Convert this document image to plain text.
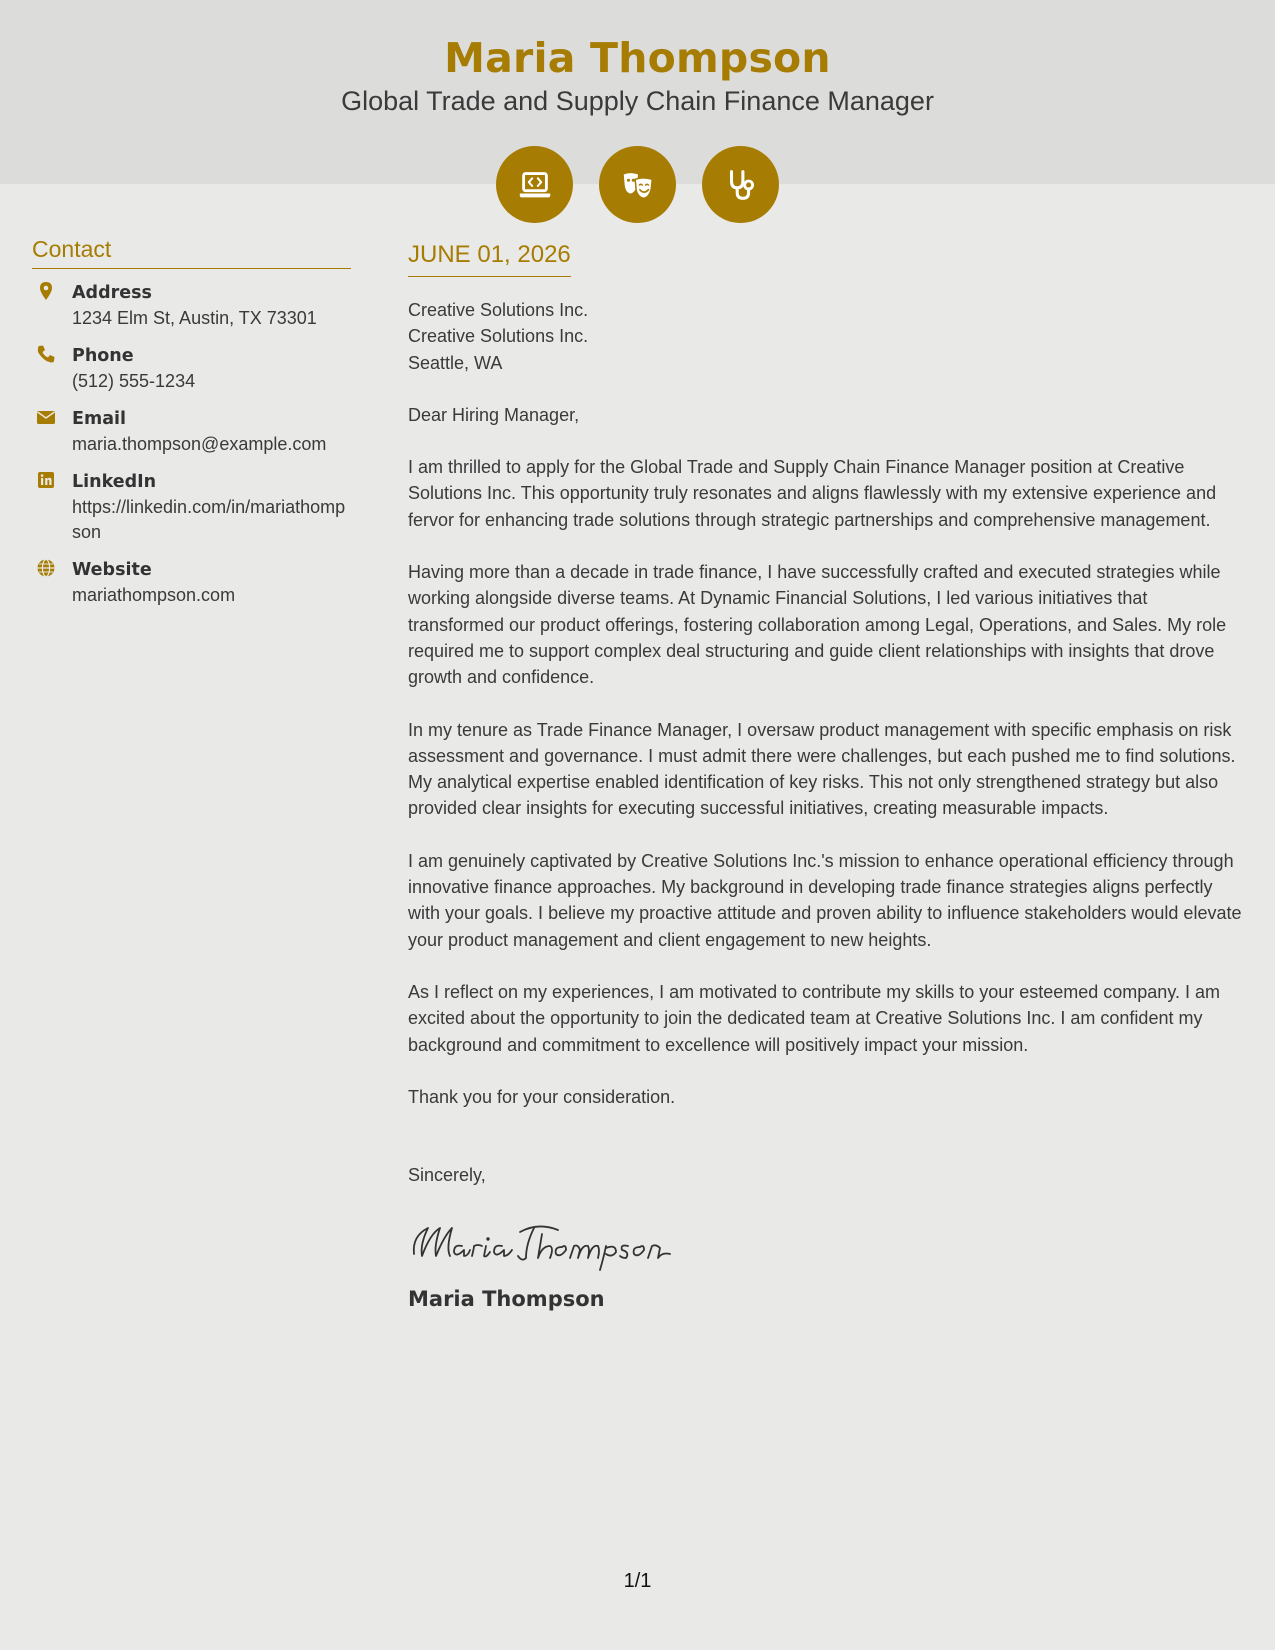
Maria Thompson
Global Trade and Supply Chain Finance Manager
Contact
Address
1234 Elm St, Austin, TX 73301
Phone
(512) 555-1234
Email
maria.thompson@example.com
LinkedIn
https://linkedin.com/in/mariathompson
Website
mariathompson.com
JUNE 01, 2026
Creative Solutions Inc.
Creative Solutions Inc.
Seattle, WA

Dear Hiring Manager,

I am thrilled to apply for the Global Trade and Supply Chain Finance Manager position at Creative Solutions Inc. This opportunity truly resonates and aligns flawlessly with my extensive experience and fervor for enhancing trade solutions through strategic partnerships and comprehensive management.

Having more than a decade in trade finance, I have successfully crafted and executed strategies while working alongside diverse teams. At Dynamic Financial Solutions, I led various initiatives that transformed our product offerings, fostering collaboration among Legal, Operations, and Sales. My role required me to support complex deal structuring and guide client relationships with insights that drove growth and confidence.

In my tenure as Trade Finance Manager, I oversaw product management with specific emphasis on risk assessment and governance. I must admit there were challenges, but each pushed me to find solutions. My analytical expertise enabled identification of key risks. This not only strengthened strategy but also provided clear insights for executing successful initiatives, creating measurable impacts.

I am genuinely captivated by Creative Solutions Inc.'s mission to enhance operational efficiency through innovative finance approaches. My background in developing trade finance strategies aligns perfectly with your goals. I believe my proactive attitude and proven ability to influence stakeholders would elevate your product management and client engagement to new heights.

As I reflect on my experiences, I am motivated to contribute my skills to your esteemed company. I am excited about the opportunity to join the dedicated team at Creative Solutions Inc. I am confident my background and commitment to excellence will positively impact your mission.

Thank you for your consideration.

Sincerely,
Maria Thompson
1/1
